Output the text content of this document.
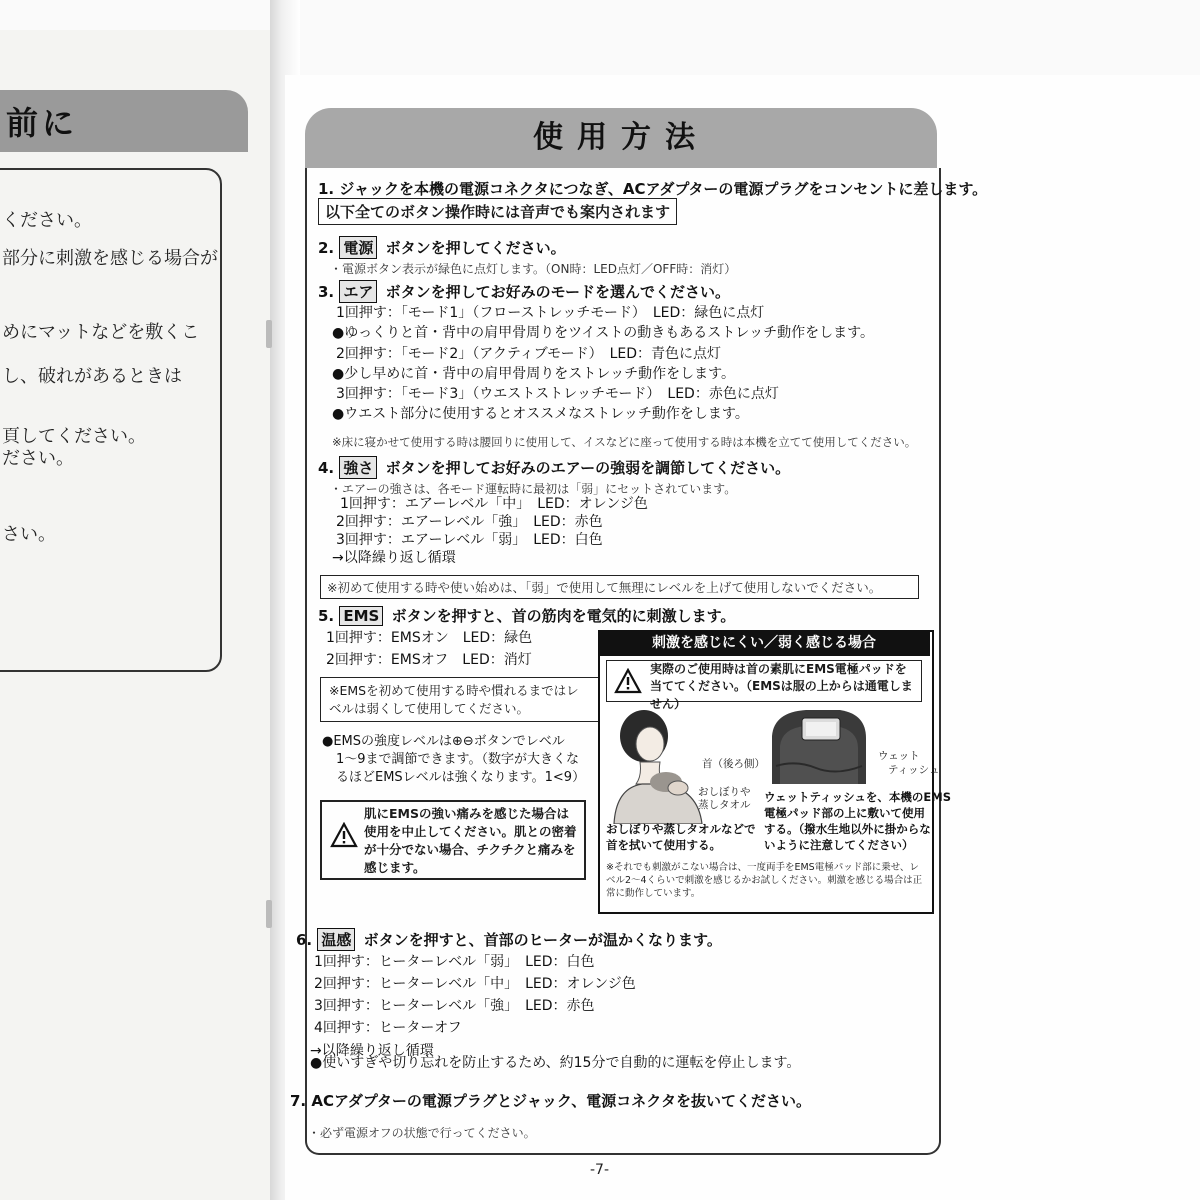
前に
ください。
部分に刺激を感じる場合が
めにマットなどを敷くこ
し、破れがあるときは
頁してください。
ださい。
さい。
使用方法
1. ジャックを本機の電源コネクタにつなぎ、ACアダプターの電源プラグをコンセントに差します。
以下全てのボタン操作時には音声でも案内されます
2. 電源 ボタンを押してください。
・電源ボタン表示が緑色に点灯します。（ON時：LED点灯／OFF時：消灯）
3. エア ボタンを押してお好みのモードを選んでください。
1回押す：「モード1」（フローストレッチモード）　LED：緑色に点灯
●ゆっくりと首・背中の肩甲骨周りをツイストの動きもあるストレッチ動作をします。
2回押す：「モード2」（アクティブモード）　LED：青色に点灯
●少し早めに首・背中の肩甲骨周りをストレッチ動作をします。
3回押す：「モード3」（ウエストストレッチモード）　LED：赤色に点灯
●ウエスト部分に使用するとオススメなストレッチ動作をします。
※床に寝かせて使用する時は腰回りに使用して、イスなどに座って使用する時は本機を立てて使用してください。
4. 強さ ボタンを押してお好みのエアーの強弱を調節してください。
・エアーの強さは、各モード運転時に最初は「弱」にセットされています。
1回押す：エアーレベル「中」　LED：オレンジ色
2回押す：エアーレベル「強」　LED：赤色
3回押す：エアーレベル「弱」　LED：白色
→以降繰り返し循環
※初めて使用する時や使い始めは、「弱」で使用して無理にレベルを上げて使用しないでください。
5. EMS ボタンを押すと、首の筋肉を電気的に刺激します。
1回押す：EMSオン　LED：緑色
2回押す：EMSオフ　LED：消灯
※EMSを初めて使用する時や慣れるまではレベルは弱くして使用してください。
●EMSの強度レベルは⊕⊖ボタンでレベル
1～9まで調節できます。（数字が大きくな
るほどEMSレベルは強くなります。1<9）
肌にEMSの強い痛みを感じた場合は使用を中止してください。肌との密着が十分でない場合、チクチクと痛みを感じます。
刺激を感じにくい／弱く感じる場合
実際のご使用時は首の素肌にEMS電極パッドを当ててください。（EMSは服の上からは通電しません）
首（後ろ側）
おしぼりや
蒸しタオル
おしぼりや蒸しタオルなどで
首を拭いて使用する。
ウェット
ティッシュ
ウェットティッシュを、本機のEMS
電極パッド部の上に敷いて使用
する。（撥水生地以外に掛からな
いように注意してください）
※それでも刺激がこない場合は、一度両手をEMS電極パッド部に乗せ、レベル2～4くらいで刺激を感じるかお試しください。刺激を感じる場合は正常に動作しています。
6. 温感 ボタンを押すと、首部のヒーターが温かくなります。
1回押す：ヒーターレベル「弱」　LED：白色
2回押す：ヒーターレベル「中」　LED：オレンジ色
3回押す：ヒーターレベル「強」　LED：赤色
4回押す：ヒーターオフ
→以降繰り返し循環
●使いすぎや切り忘れを防止するため、約15分で自動的に運転を停止します。
7. ACアダプターの電源プラグとジャック、電源コネクタを抜いてください。
・必ず電源オフの状態で行ってください。
-7-
